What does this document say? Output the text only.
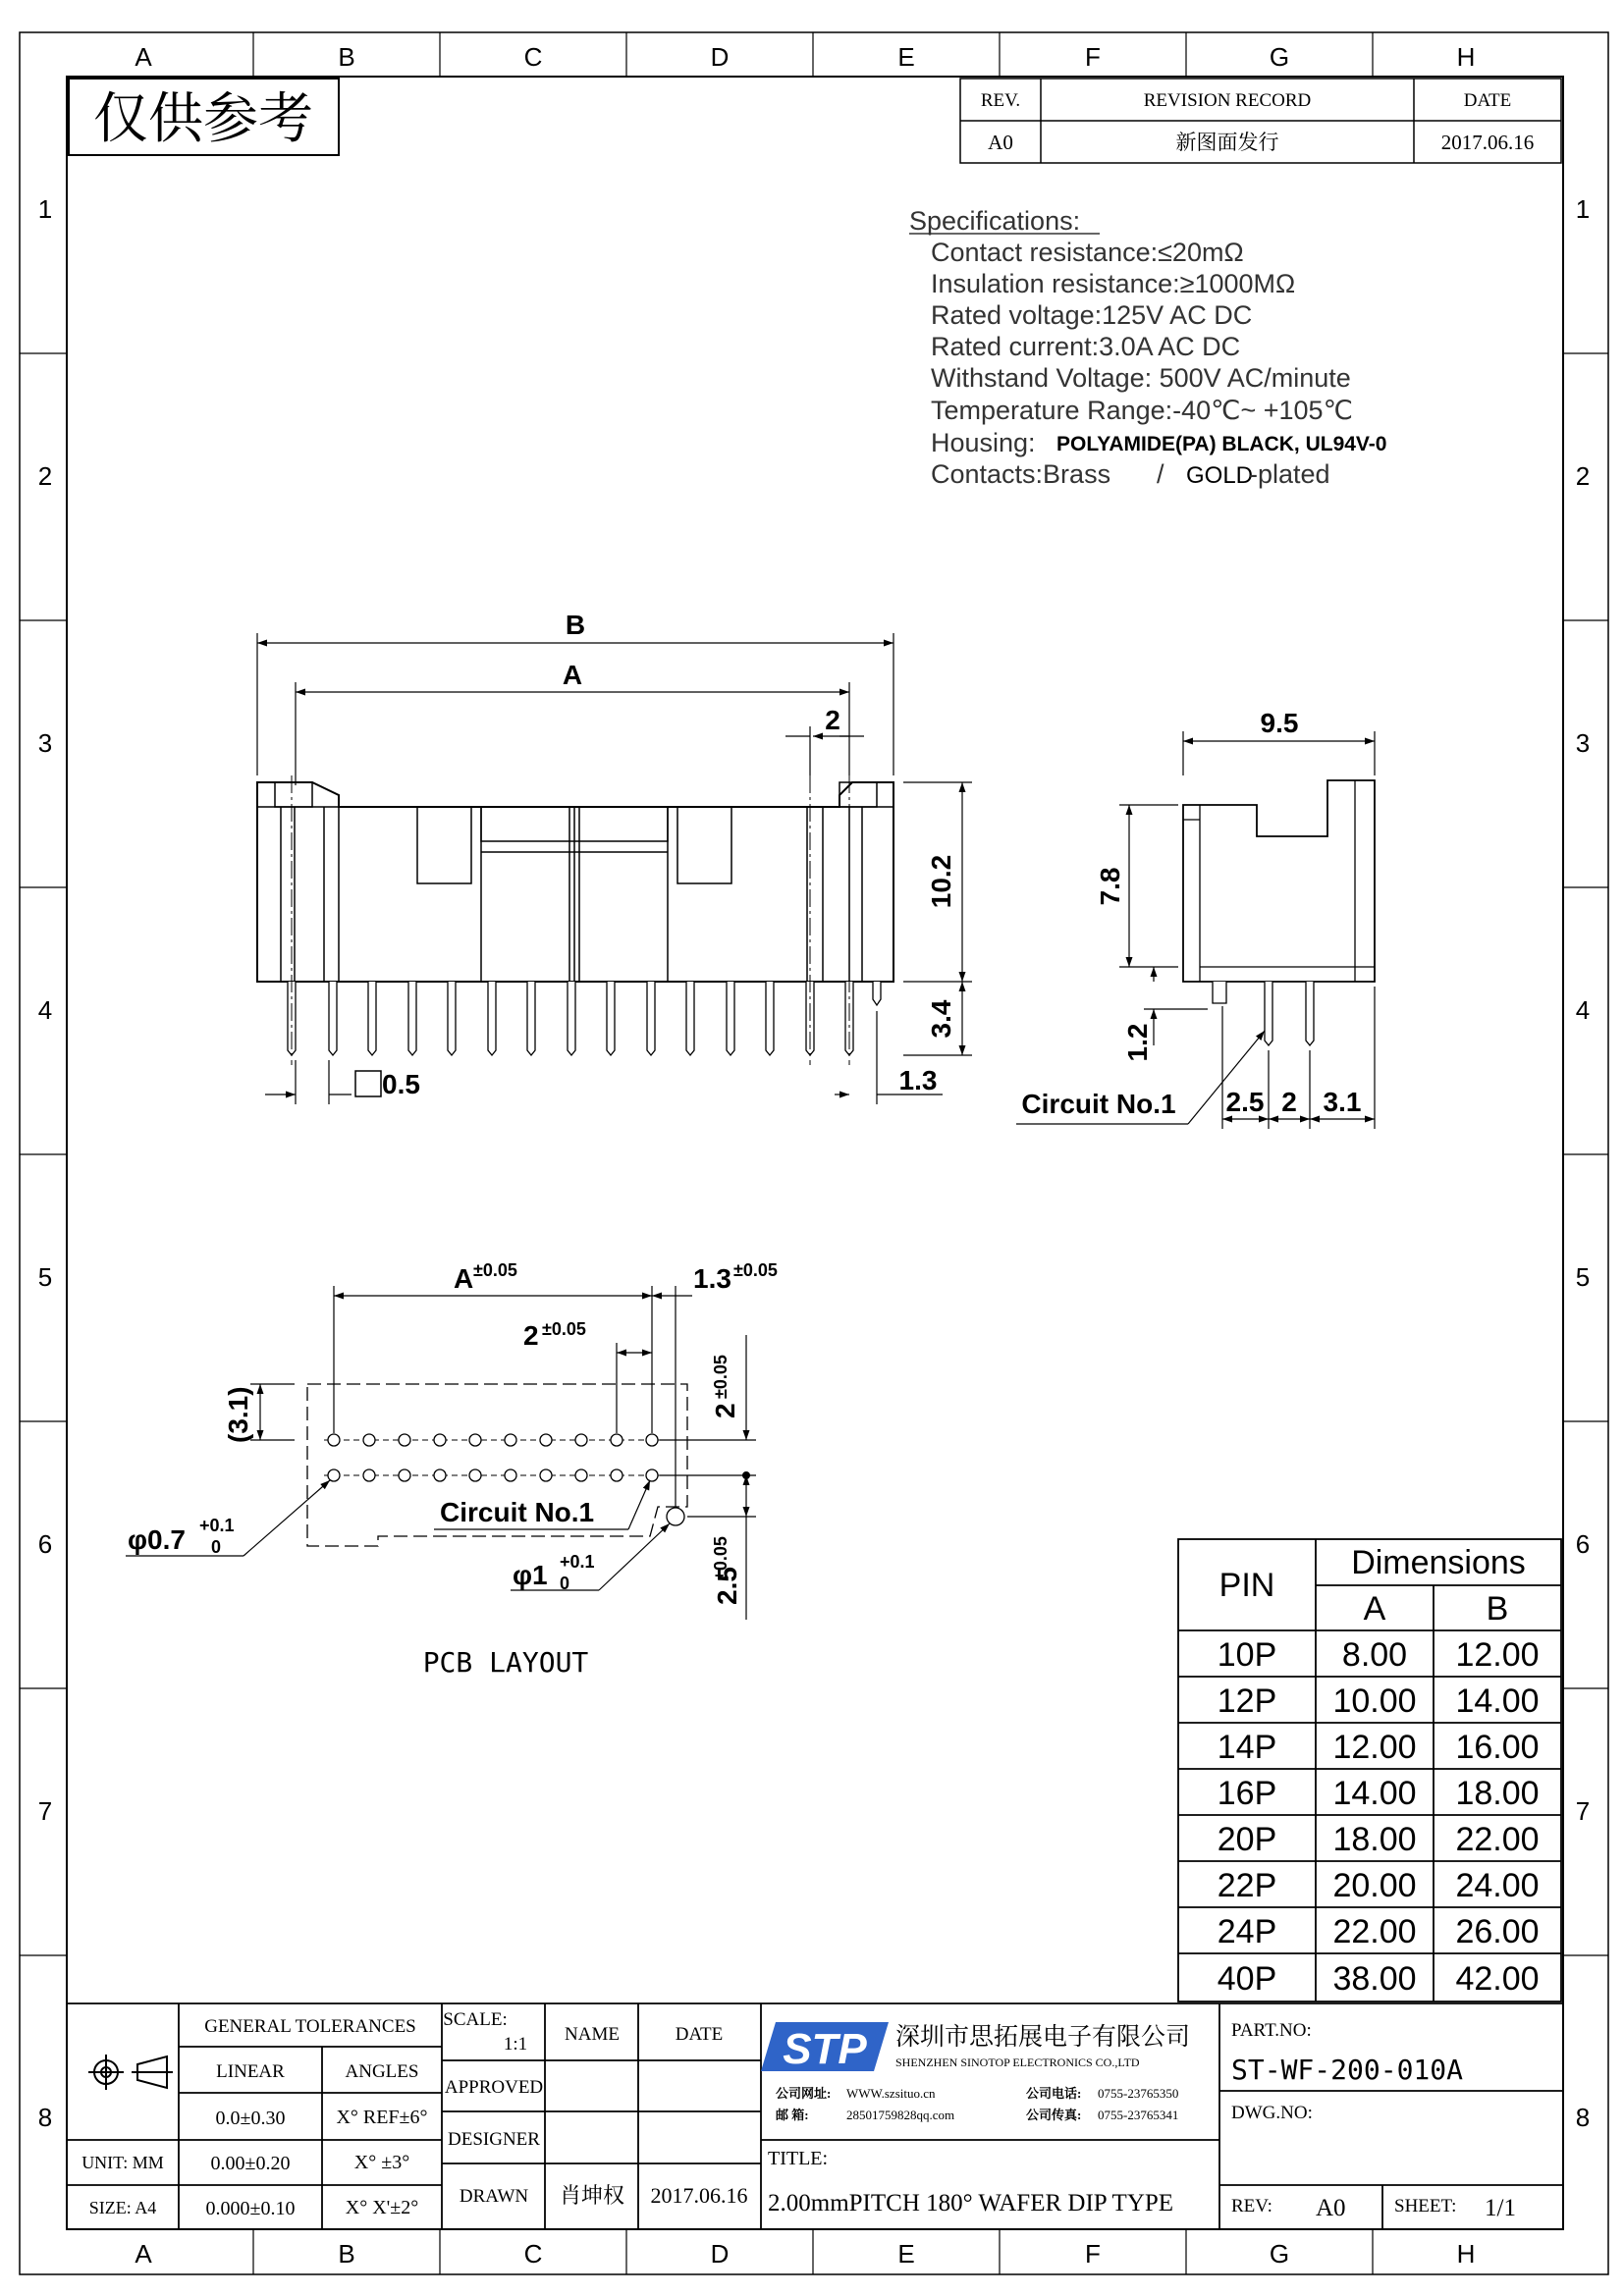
A	B	C	D	E	F	G	H
A	B	C	D	E	F	G	H
1
2
3
4
5
6
7
8
1
2
3
4
5
6
7
8
仅供参考	REV.	REVISION RECORD	DATE
A0	新图面发行	2017.06.16
Specifications:
Contact resistance:≤20mΩ
Insulation resistance:≥1000MΩ
Rated voltage:125V AC DC
Rated current:3.0A AC DC
Withstand Voltage: 500V AC/minute
Temperature Range:-40℃~ +105℃
Housing: POLYAMIDE(PA) BLACK, UL94V-0
Contacts:Brass / GOLD
-plated
B
A
2
10.2
3.4
1.3
0.5
9.5
7.8
1.2
Circuit No.1 2.5 2 3.1
A ±0.05	1.3 ±0.05
2 ±0.05
2
±0.05
(3.1)
φ0.7 +0.1
0
Circuit No.1
φ1 +0.1
0	2.5
±0.05
PCB LAYOUT
PIN
Dimensions
A	B
10P 8.00 12.00
12P 10.00 14.00
14P 12.00 16.00
16P 14.00 18.00
20P 18.00 22.00
22P 20.00 24.00
24P 22.00 26.00
40P 38.00 42.00
GENERAL TOLERANCES
LINEAR	ANGLES
0.0±0.30	X° REF±6°
0.00±0.20	X° ±3°
0.000±0.10	X° X'±2°
UNIT: MM
SIZE: A4
SCALE:
1:1 NAME	DATE
APPROVED
DESIGNER
DRAWN 肖坤权 2017.06.16
STP 深圳市思拓展电子有限公司
SHENZHEN SINOTOP ELECTRONICS CO.,LTD
公司网址: WWW.szsituo.cn	公司电话: 0755-23765350
邮 箱:	28501759828qq.com	公司传真: 0755-23765341
TITLE:
2.00mmPITCH 180° WAFER DIP TYPE
PART.NO:
ST-WF-200-010A
DWG.NO:
REV: A0	SHEET: 1/1
